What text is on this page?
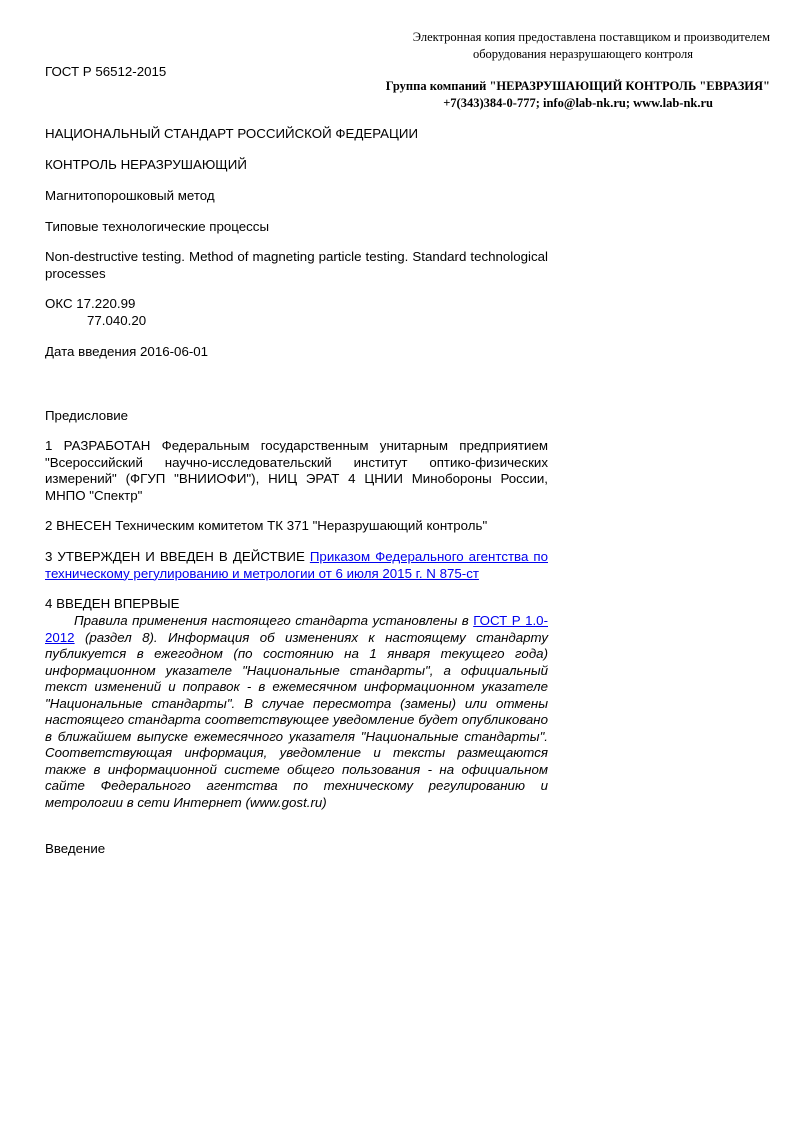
Электронная копия предоставлена поставщиком и производителем
оборудования неразрушающего контроля
Группа компаний "НЕРАЗРУШАЮЩИЙ КОНТРОЛЬ "ЕВРАЗИЯ"
+7(343)384-0-777; info@lab-nk.ru; www.lab-nk.ru
ГОСТ Р 56512-2015
НАЦИОНАЛЬНЫЙ СТАНДАРТ РОССИЙСКОЙ ФЕДЕРАЦИИ
КОНТРОЛЬ НЕРАЗРУШАЮЩИЙ
Магнитопорошковый метод
Типовые технологические процессы
Non-destructive testing. Method of magneting particle testing. Standard technological processes
ОКС 17.220.99
77.040.20
Дата введения 2016-06-01
Предисловие
1 РАЗРАБОТАН Федеральным государственным унитарным предприятием "Всероссийский научно-исследовательский институт оптико-физических измерений" (ФГУП "ВНИИОФИ"), НИЦ ЭРАТ 4 ЦНИИ Минобороны России, МНПО "Спектр"
2 ВНЕСЕН Техническим комитетом ТК 371 "Неразрушающий контроль"
3 УТВЕРЖДЕН И ВВЕДЕН В ДЕЙСТВИЕ Приказом Федерального агентства по техническому регулированию и метрологии от 6 июля 2015 г. N 875-ст
4 ВВЕДЕН ВПЕРВЫЕ
Правила применения настоящего стандарта установлены в ГОСТ Р 1.0-2012 (раздел 8). Информация об изменениях к настоящему стандарту публикуется в ежегодном (по состоянию на 1 января текущего года) информационном указателе "Национальные стандарты", а официальный текст изменений и поправок - в ежемесячном информационном указателе "Национальные стандарты". В случае пересмотра (замены) или отмены настоящего стандарта соответствующее уведомление будет опубликовано в ближайшем выпуске ежемесячного указателя "Национальные стандарты". Соответствующая информация, уведомление и тексты размещаются также в информационной системе общего пользования - на официальном сайте Федерального агентства по техническому регулированию и метрологии в сети Интернет (www.gost.ru)
Введение
